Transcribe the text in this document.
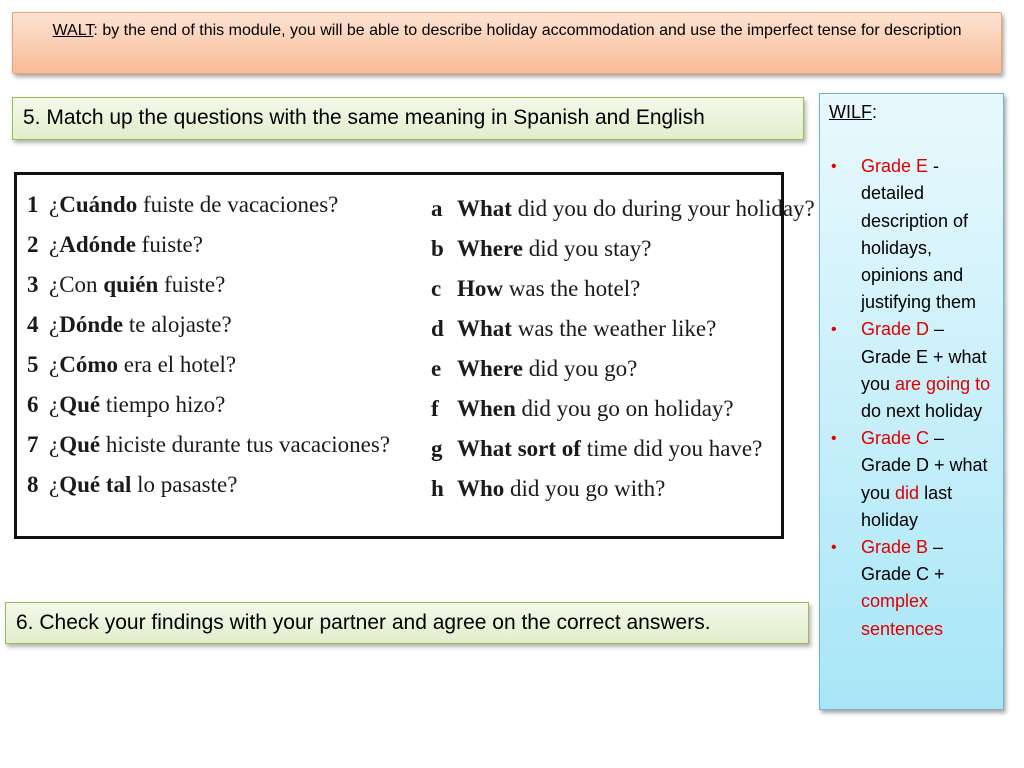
WALT: by the end of this module, you will be able to describe holiday accommodation and use the imperfect tense for description
5. Match up the questions with the same meaning in Spanish and English
1 ¿Cuándo fuiste de vacaciones?
2 ¿Adónde fuiste?
3 ¿Con quién fuiste?
4 ¿Dónde te alojaste?
5 ¿Cómo era el hotel?
6 ¿Qué tiempo hizo?
7 ¿Qué hiciste durante tus vacaciones?
8 ¿Qué tal lo pasaste?
a What did you do during your holiday?
b Where did you stay?
c How was the hotel?
d What was the weather like?
e Where did you go?
f When did you go on holiday?
g What sort of time did you have?
h Who did you go with?
6. Check your findings with your partner and agree on the correct answers.
WILF:
• Grade E - detailed description of holidays, opinions and justifying them
• Grade D – Grade E + what you are going to do next holiday
• Grade C – Grade D + what you did last holiday
• Grade B – Grade C + complex sentences
